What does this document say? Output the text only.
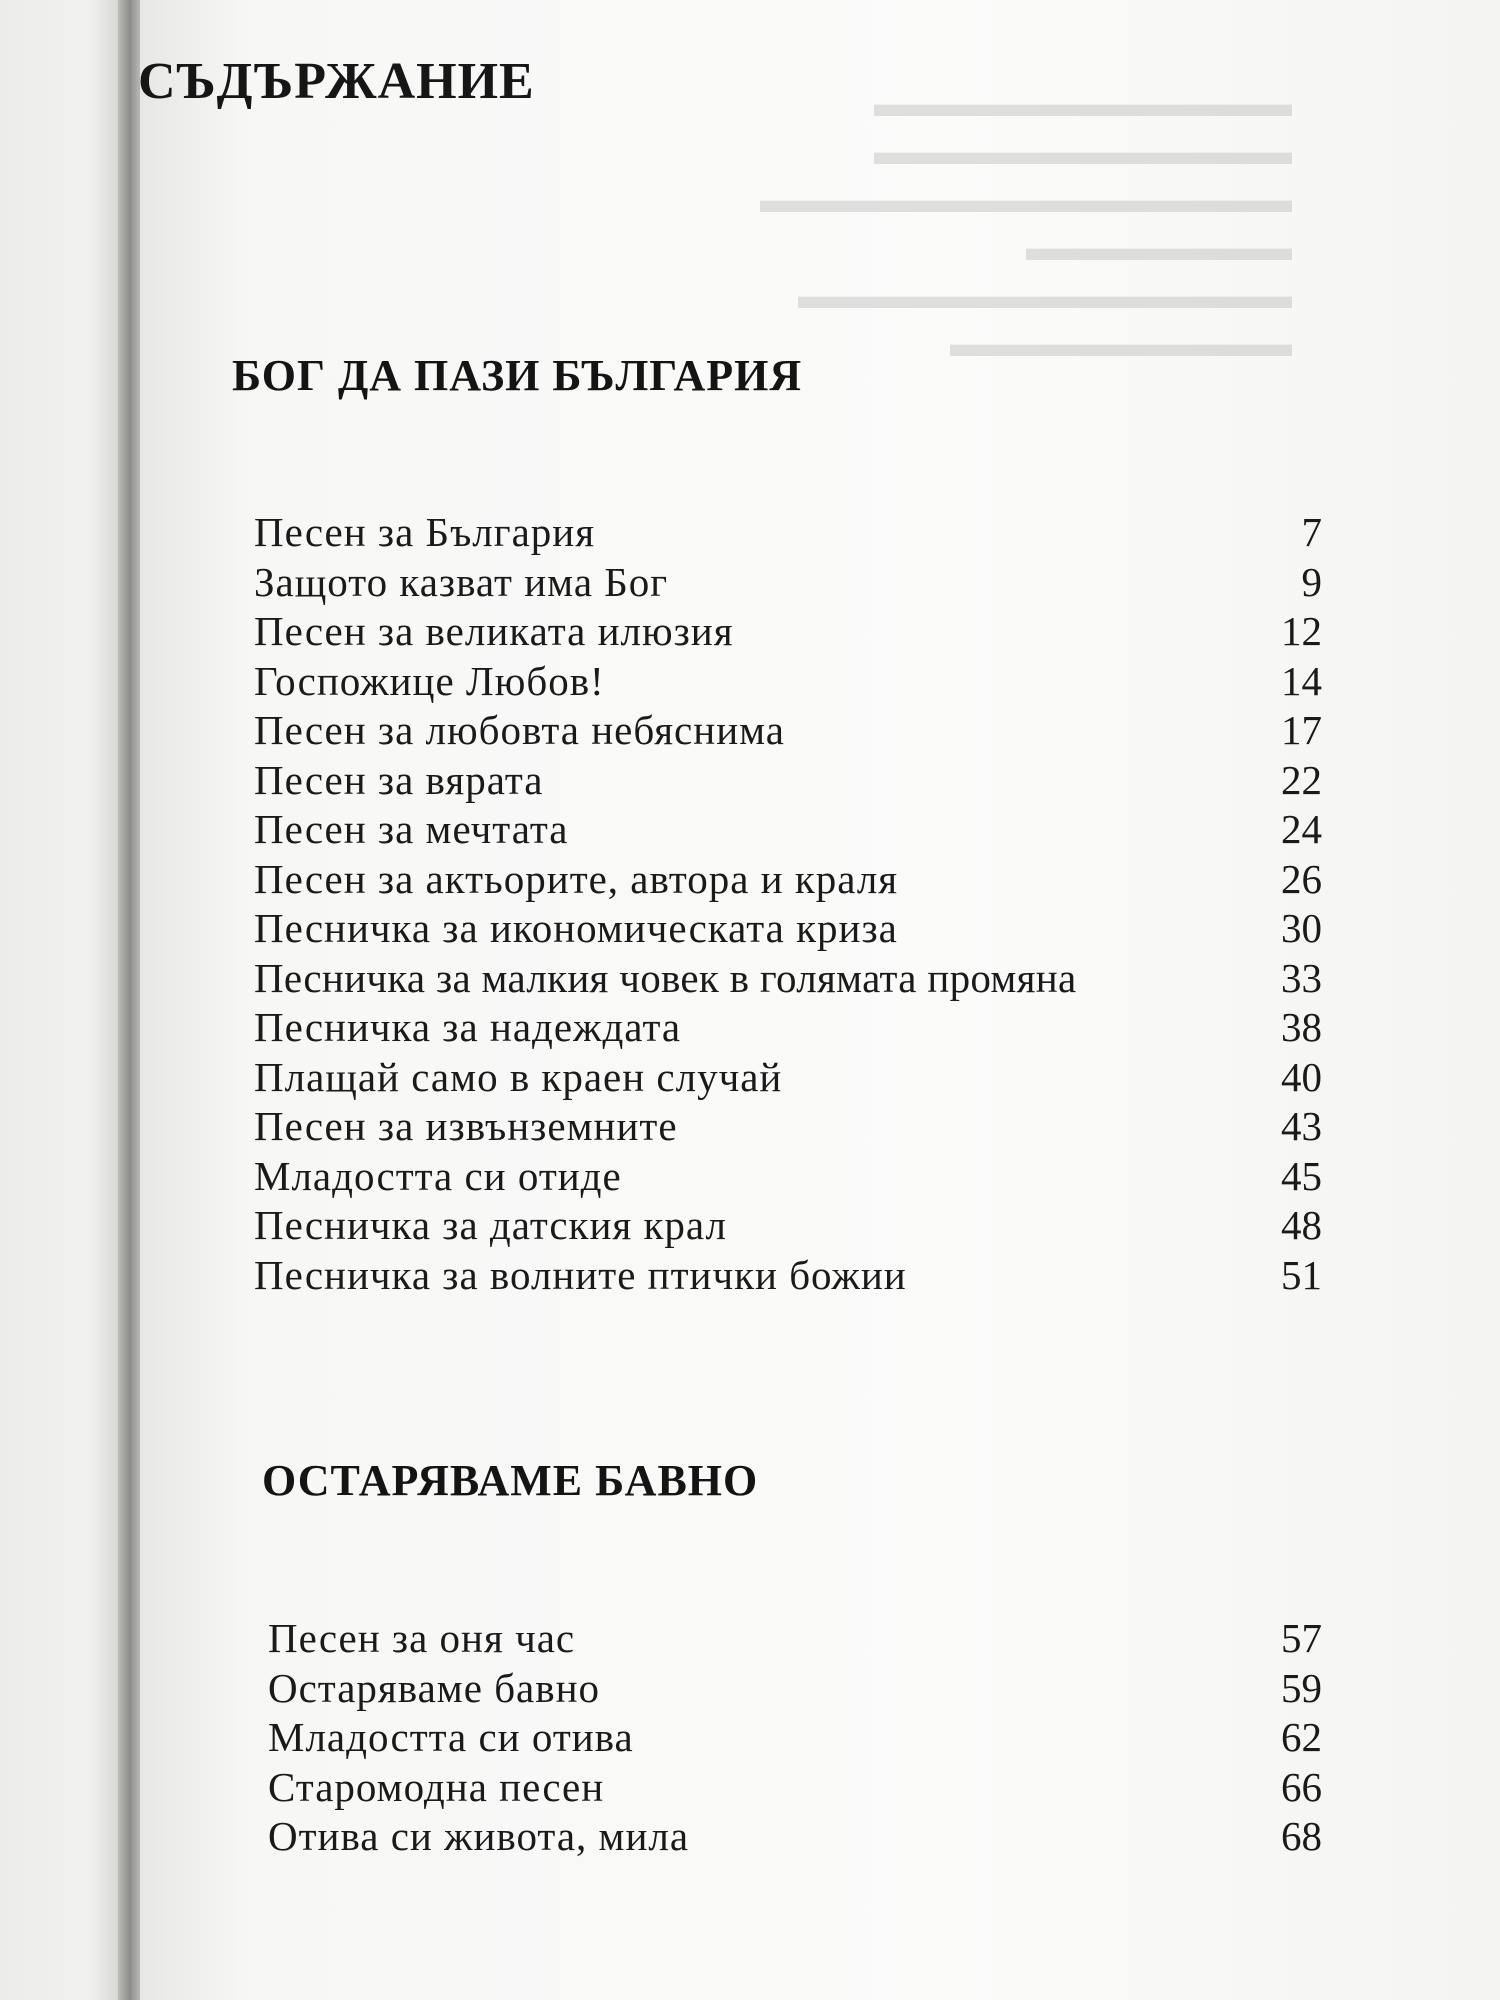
▬▬▬▬▬▬▬▬▬▬▬
▬▬▬▬▬▬▬▬▬▬▬
▬▬▬▬▬▬▬▬▬▬▬▬▬▬
▬▬▬▬▬▬▬
▬▬▬▬▬▬▬▬▬▬▬▬▬
▬▬▬▬▬▬▬▬▬
СЪДЪРЖАНИЕ
БОГ ДА ПАЗИ БЪЛГАРИЯ
Песен за България	7
Защото казват има Бог	9
Песен за великата илюзия	12
Госпожице Любов!	14
Песен за любовта небяснима	17
Песен за вярата	22
Песен за мечтата	24
Песен за актьорите, автора и краля	26
Песничка за икономическата криза	30
Песничка за малкия човек в голямата промяна	33
Песничка за надеждата	38
Плащай само в краен случай	40
Песен за извънземните	43
Младостта си отиде	45
Песничка за датския крал	48
Песничка за волните птички божии	51
ОСТАРЯВАМЕ БАВНО
Песен за оня час	57
Остаряваме бавно	59
Младостта си отива	62
Старомодна песен	66
Отива си живота, мила	68
